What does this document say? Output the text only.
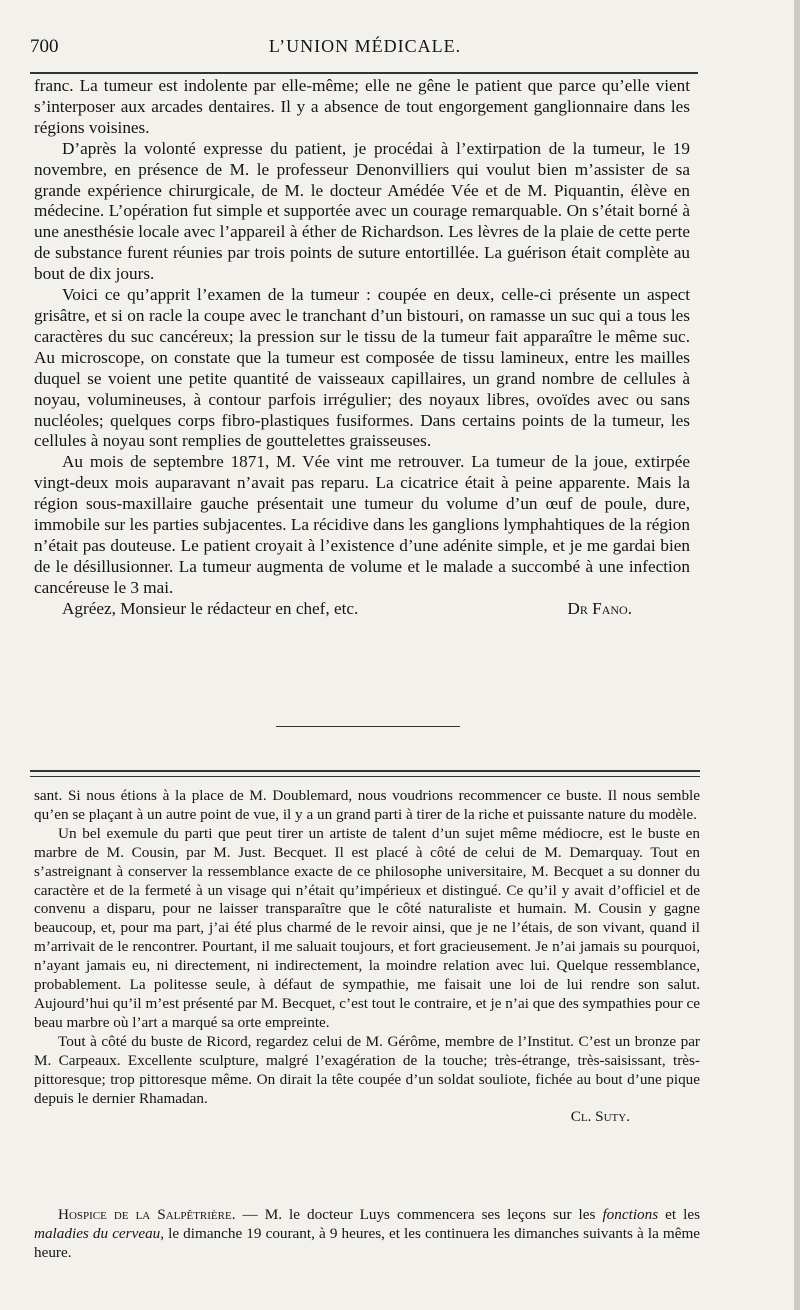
700	L’UNION MÉDICALE.

franc. La tumeur est indolente par elle-même; elle ne gêne le patient que parce qu’elle vient s’interposer aux arcades dentaires. Il y a absence de tout engorgement ganglionnaire dans les régions voisines.

D’après la volonté expresse du patient, je procédai à l’extirpation de la tumeur, le 19 novembre, en présence de M. le professeur Denonvilliers qui voulut bien m’assister de sa grande expérience chirurgicale, de M. le docteur Amédée Vée et de M. Piquantin, élève en médecine. L’opération fut simple et supportée avec un courage remarquable. On s’était borné à une anesthésie locale avec l’appareil à éther de Richardson. Les lèvres de la plaie de cette perte de substance furent réunies par trois points de suture entortillée. La guérison était complète au bout de dix jours.

Voici ce qu’apprit l’examen de la tumeur : coupée en deux, celle-ci présente un aspect grisâtre, et si on racle la coupe avec le tranchant d’un bistouri, on ramasse un suc qui a tous les caractères du suc cancéreux; la pression sur le tissu de la tumeur fait apparaître le même suc. Au microscope, on constate que la tumeur est composée de tissu lamineux, entre les mailles duquel se voient une petite quantité de vaisseaux capillaires, un grand nombre de cellules à noyau, volumineuses, à contour parfois irrégulier; des noyaux libres, ovoïdes avec ou sans nucléoles; quelques corps fibro-plastiques fusiformes. Dans certains points de la tumeur, les cellules à noyau sont remplies de gouttelettes graisseuses.

Au mois de septembre 1871, M. Vée vint me retrouver. La tumeur de la joue, extirpée vingt-deux mois auparavant n’avait pas reparu. La cicatrice était à peine apparente. Mais la région sous-maxillaire gauche présentait une tumeur du volume d’un œuf de poule, dure, immobile sur les parties subjacentes. La récidive dans les ganglions lymphahtiques de la région n’était pas douteuse. Le patient croyait à l’existence d’une adénite simple, et je me gardai bien de le désillusionner. La tumeur augmenta de volume et le malade a succombé à une infection cancéreuse le 3 mai.

Agréez, Monsieur le rédacteur en chef, etc.	Dr Fano.

sant. Si nous étions à la place de M. Doublemard, nous voudrions recommencer ce buste. Il nous semble qu’en se plaçant à un autre point de vue, il y a un grand parti à tirer de la riche et puissante nature du modèle.

Un bel exemule du parti que peut tirer un artiste de talent d’un sujet même médiocre, est le buste en marbre de M. Cousin, par M. Just. Becquet. Il est placé à côté de celui de M. Demarquay. Tout en s’astreignant à conserver la ressemblance exacte de ce philosophe universitaire, M. Becquet a su donner du caractère et de la fermeté à un visage qui n’était qu’impérieux et distingué. Ce qu’il y avait d’officiel et de convenu a disparu, pour ne laisser transparaître que le côté naturaliste et humain. M. Cousin y gagne beaucoup, et, pour ma part, j’ai été plus charmé de le revoir ainsi, que je ne l’étais, de son vivant, quand il m’arrivait de le rencontrer. Pourtant, il me saluait toujours, et fort gracieusement. Je n’ai jamais su pourquoi, n’ayant jamais eu, ni directement, ni indirectement, la moindre relation avec lui. Quelque ressemblance, probablement. La politesse seule, à défaut de sympathie, me faisait une loi de lui rendre son salut. Aujourd’hui qu’il m’est présenté par M. Becquet, c’est tout le contraire, et je n’ai que des sympathies pour ce beau marbre où l’art a marqué sa orte empreinte.

Tout à côté du buste de Ricord, regardez celui de M. Gérôme, membre de l’Institut. C’est un bronze par M. Carpeaux. Excellente sculpture, malgré l’exagération de la touche; très-étrange, très-saisissant, très-pittoresque; trop pittoresque même. On dirait la tête coupée d’un soldat souliote, fichée au bout d’une pique depuis le dernier Rhamadan.

Cl. Suty.
Hospice de la Salpêtrière. — M. le docteur Luys commencera ses leçons sur les fonctions et les maladies du cerveau, le dimanche 19 courant, à 9 heures, et les continuera les dimanches suivants à la même heure.
